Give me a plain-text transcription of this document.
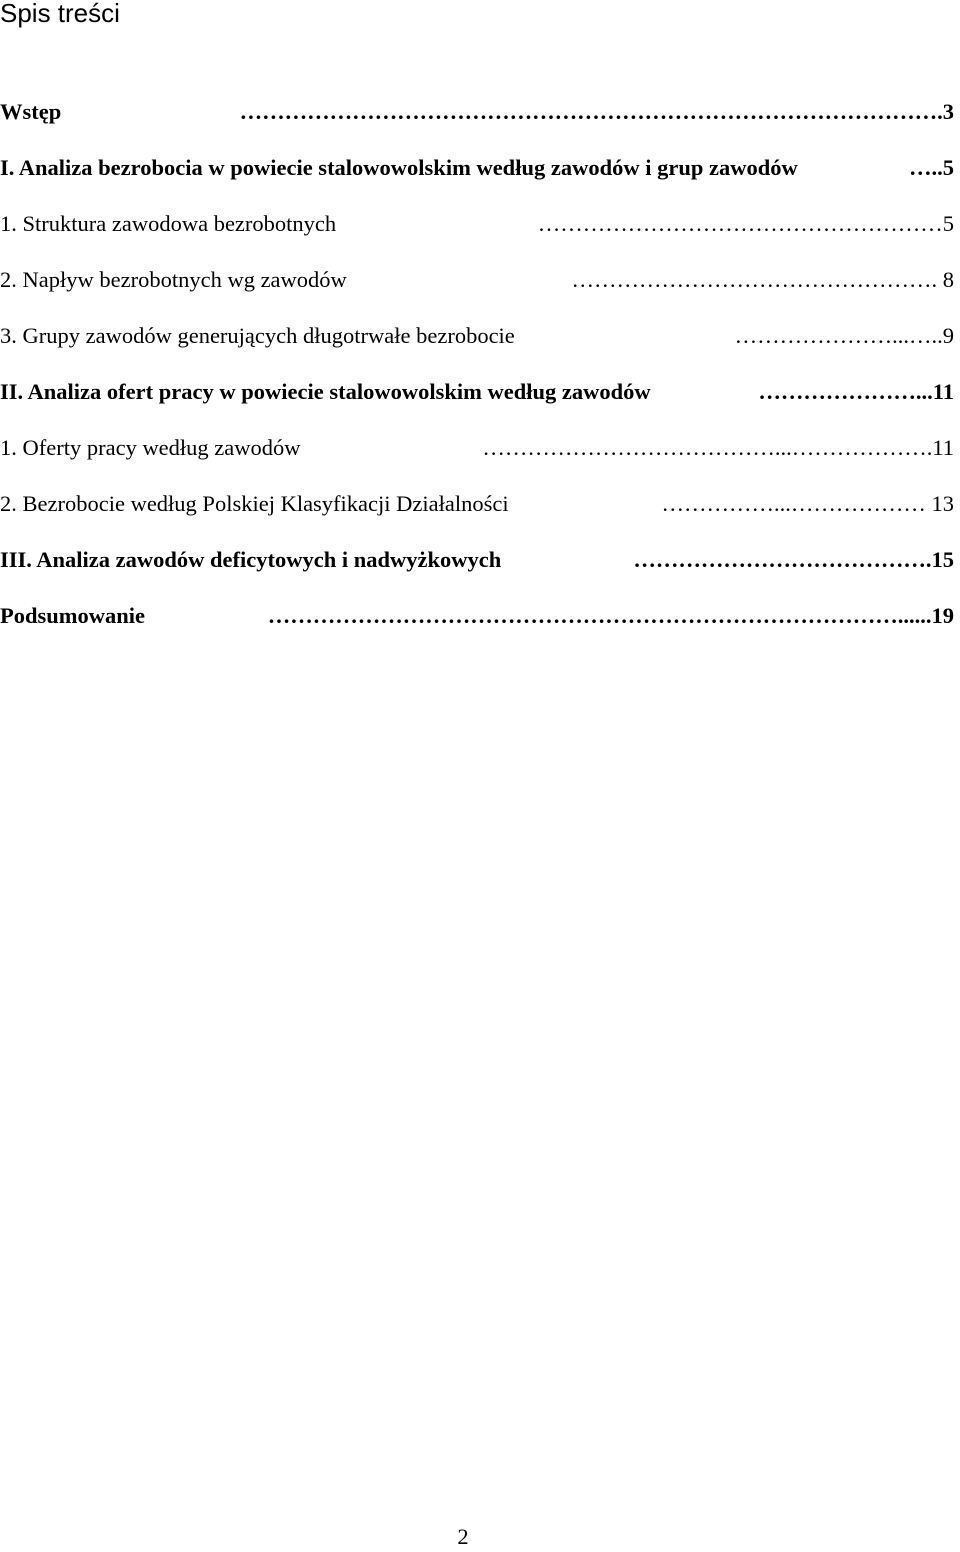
Spis treści
Wstęp	………………………………………………………………………………….3
I. Analiza bezrobocia w powiecie stalowowolskim według zawodów i grup zawodów	…..5
1. Struktura zawodowa bezrobotnych	………………………………………………5
2. Napływ bezrobotnych wg zawodów	…………………………………………. 8
3. Grupy zawodów generujących długotrwałe bezrobocie	…………………...…..9
II. Analiza ofert pracy w powiecie stalowowolskim według zawodów	…………………...11
1. Oferty pracy według zawodów	…………………………………...……………….11
2. Bezrobocie według Polskiej Klasyfikacji Działalności	……………...……………… 13
III. Analiza zawodów deficytowych i nadwyżkowych	………………………………….15
Podsumowanie	…………………………………………………………………………......19
2
